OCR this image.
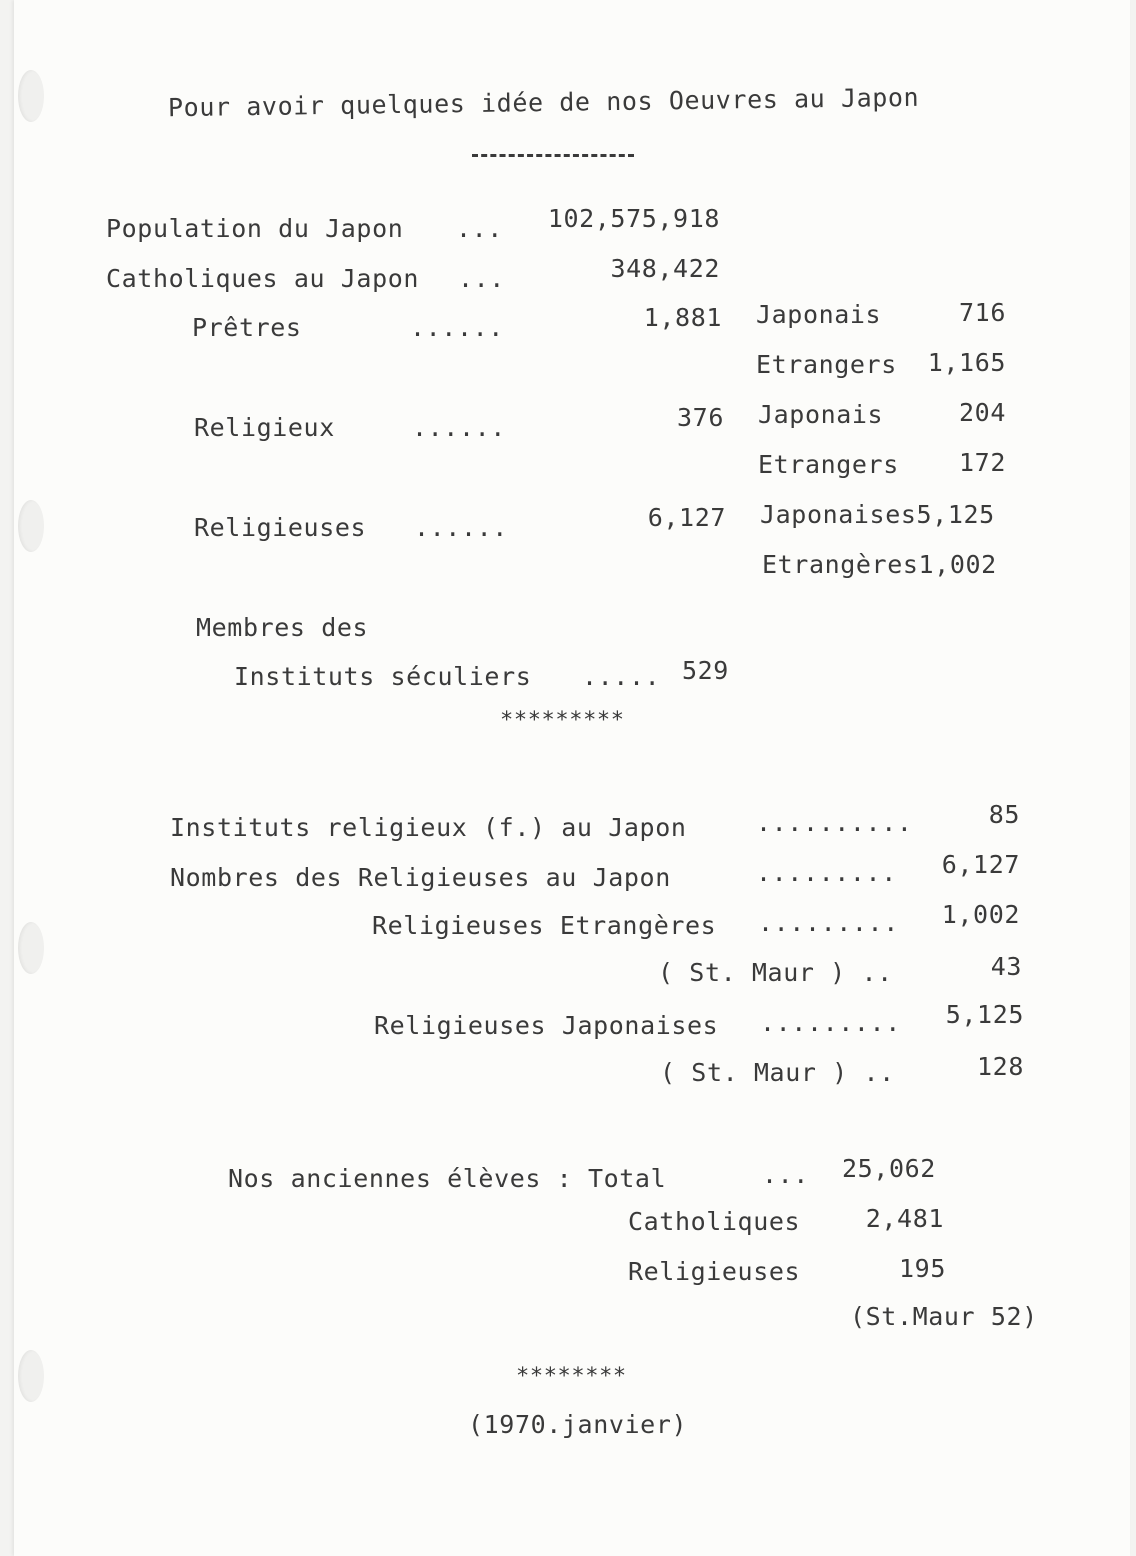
Pour avoir quelques idée de nos Oeuvres au Japon
Population du Japon ...	102,575,918
Catholiques au Japon ...	348,422
Prêtres	......	1,881 Japonais	716
Etrangers	1,165
Religieux	......	376 Japonais	204
Etrangers	172
Religieuses ......	6,127 Japonaises5,125
Etrangères1,002
Membres des
Instituts séculiers ..... 529
*********
Instituts religieux (f.) au Japon	..........	85
Nombres des Religieuses au Japon	.........	6,127
Religieuses Etrangères .........	1,002
( St. Maur ) ..	43
Religieuses Japonaises .........	5,125
( St. Maur ) ..	128
Nos anciennes élèves : Total	... 25,062
Catholiques	2,481
Religieuses	195
(St.Maur 52)
********
(1970.janvier)
